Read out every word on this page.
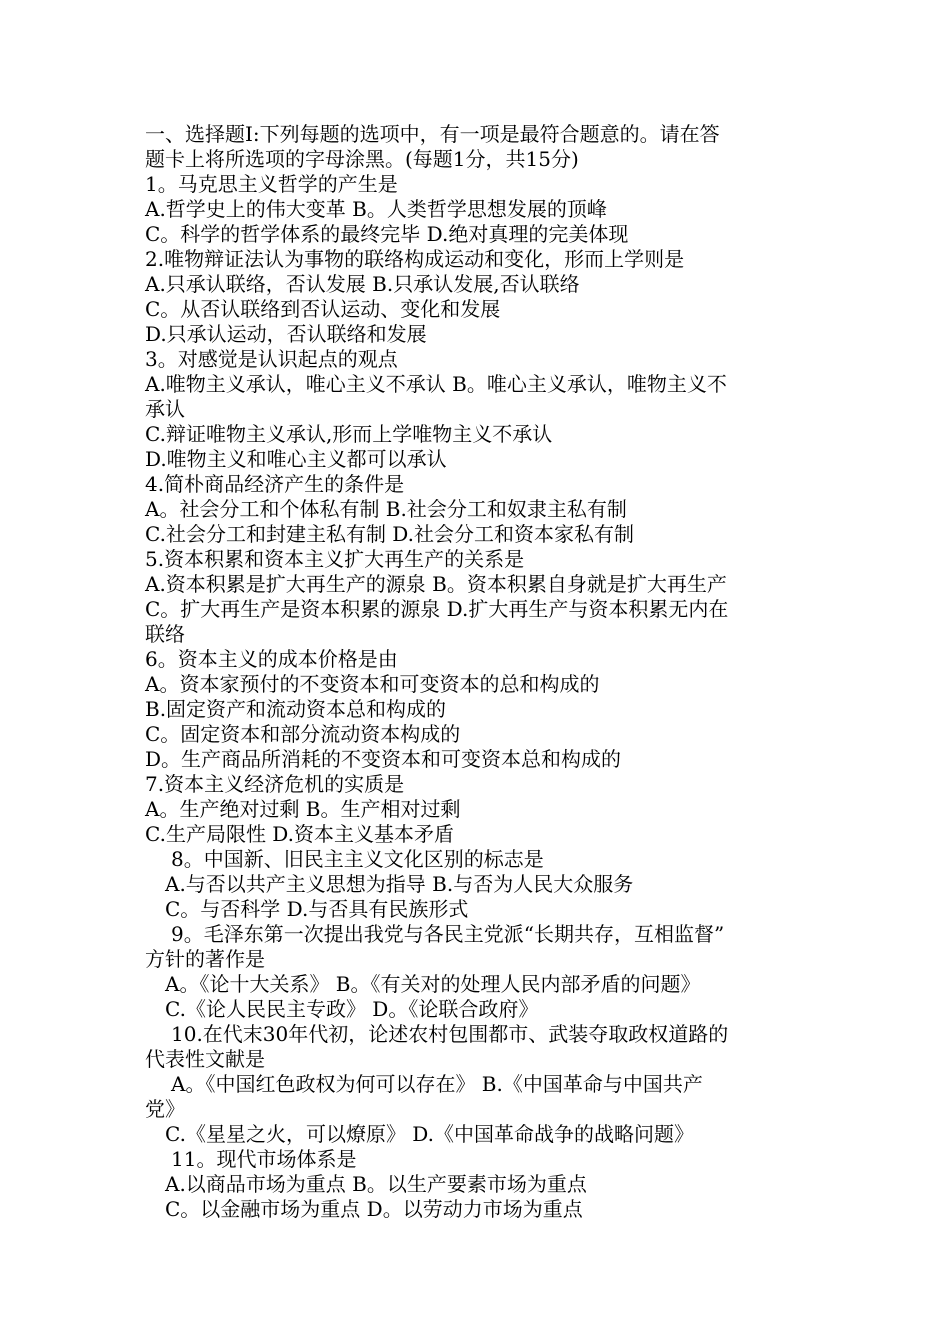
一、选择题Ⅰ:下列每题的选项中，有一项是最符合题意的。请在答
题卡上将所选项的字母涂黑。(每题1分，共15分)
1。马克思主义哲学的产生是
A.哲学史上的伟大变革 B。人类哲学思想发展的顶峰
C。科学的哲学体系的最终完毕 D.绝对真理的完美体现
2.唯物辩证法认为事物的联络构成运动和变化，形而上学则是
A.只承认联络，否认发展 B.只承认发展,否认联络
C。从否认联络到否认运动、变化和发展
D.只承认运动，否认联络和发展
3。对感觉是认识起点的观点
A.唯物主义承认，唯心主义不承认 B。唯心主义承认，唯物主义不
承认
C.辩证唯物主义承认,形而上学唯物主义不承认
D.唯物主义和唯心主义都可以承认
4.简朴商品经济产生的条件是
A。社会分工和个体私有制 B.社会分工和奴隶主私有制
C.社会分工和封建主私有制 D.社会分工和资本家私有制
5.资本积累和资本主义扩大再生产的关系是
A.资本积累是扩大再生产的源泉 B。资本积累自身就是扩大再生产
C。扩大再生产是资本积累的源泉 D.扩大再生产与资本积累无内在
联络
6。资本主义的成本价格是由
A。资本家预付的不变资本和可变资本的总和构成的
B.固定资产和流动资本总和构成的
C。固定资本和部分流动资本构成的
D。生产商品所消耗的不变资本和可变资本总和构成的
7.资本主义经济危机的实质是
A。生产绝对过剩 B。生产相对过剩
C.生产局限性 D.资本主义基本矛盾
8。中国新、旧民主主义文化区别的标志是
A.与否以共产主义思想为指导 B.与否为人民大众服务
C。与否科学 D.与否具有民族形式
9。毛泽东第一次提出我党与各民主党派“长期共存，互相监督”
方针的著作是
A。《论十大关系》 B。《有关对的处理人民内部矛盾的问题》
C.《论人民民主专政》 D。《论联合政府》
10.在代末30年代初，论述农村包围都市、武装夺取政权道路的
代表性文献是
A。《中国红色政权为何可以存在》 B.《中国革命与中国共产
党》
C.《星星之火，可以燎原》 D.《中国革命战争的战略问题》
11。现代市场体系是
A.以商品市场为重点 B。以生产要素市场为重点
C。以金融市场为重点 D。以劳动力市场为重点
